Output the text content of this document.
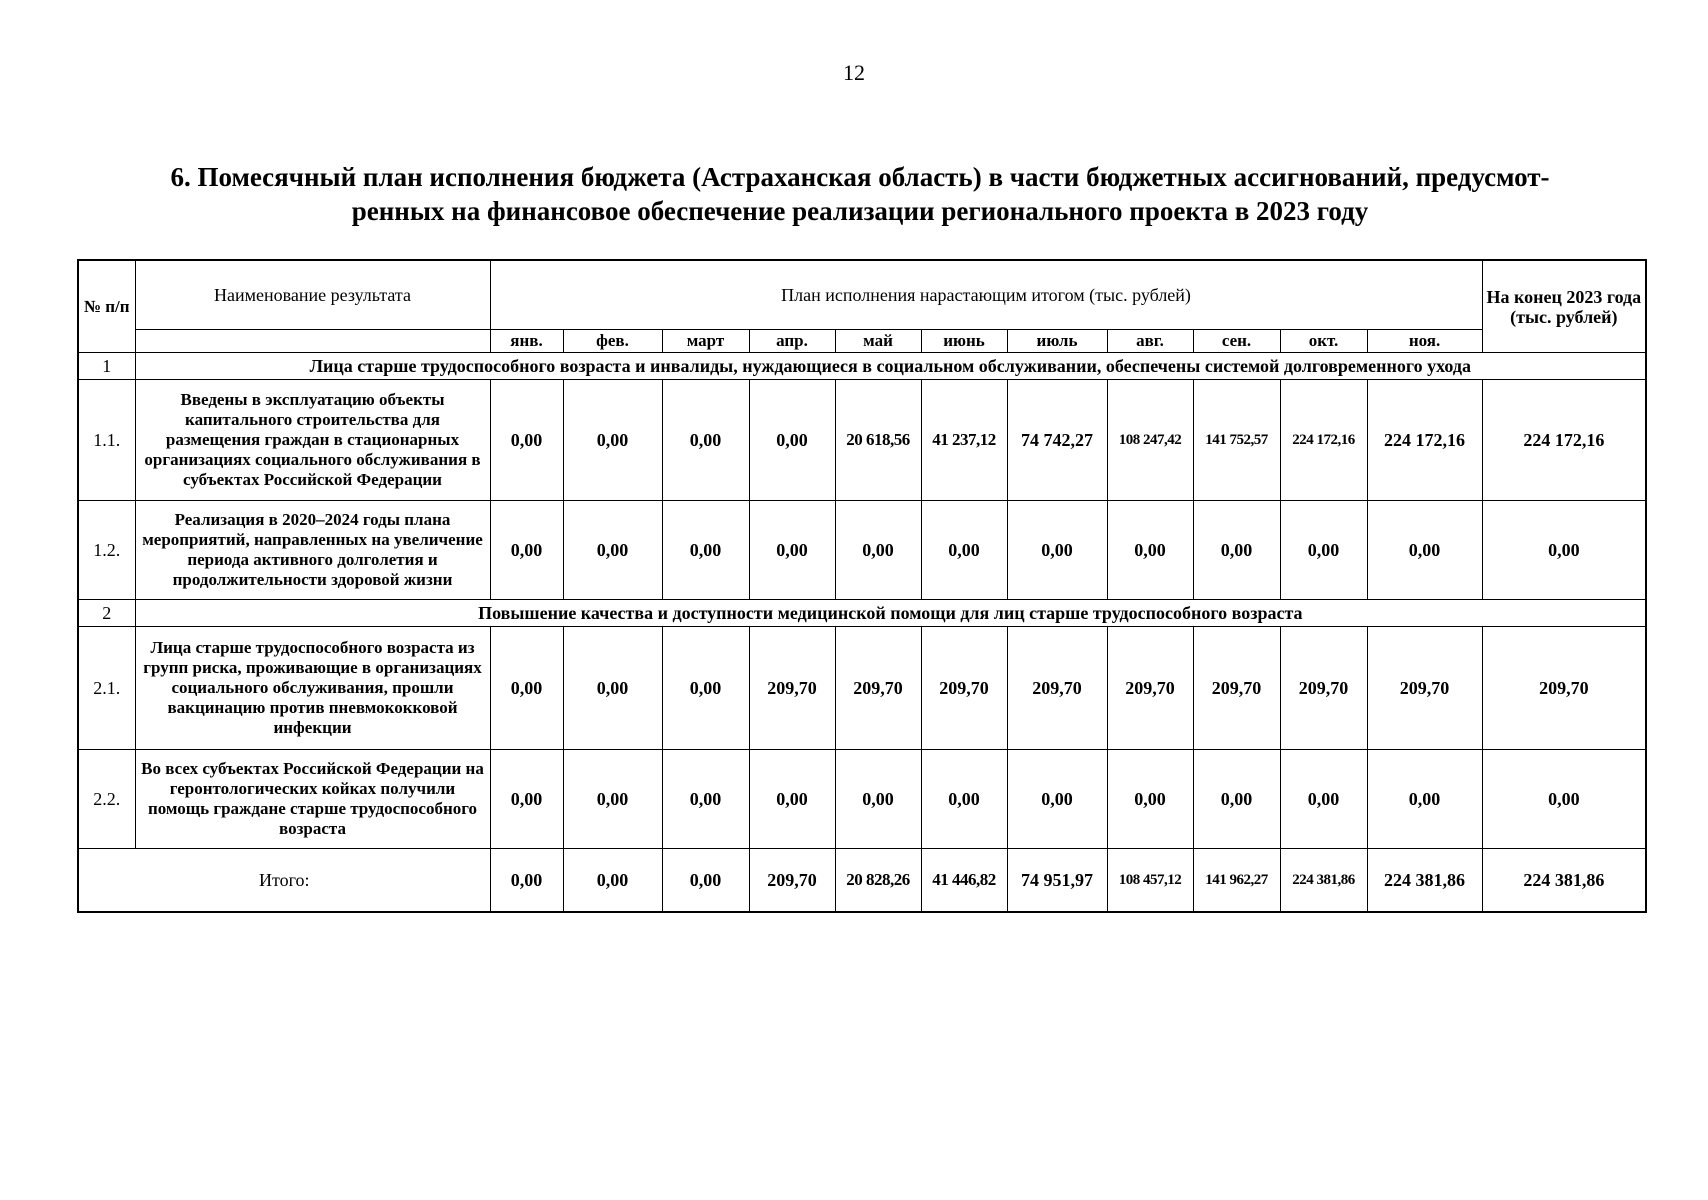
12
6. Помесячный план исполнения бюджета (Астраханская область) в части бюджетных ассигнований, предусмот-
ренных на финансовое обеспечение реализации регионального проекта в 2023 году
№ п/п	Наименование результата	План исполнения нарастающим итогом (тыс. рублей)											На конец 2023 года (тыс. рублей)
		янв.	фев.	март	апр.	май	июнь	июль	авг.	сен.	окт.	ноя.	
1	Лица старше трудоспособного возраста и инвалиды, нуждающиеся в социальном обслуживании, обеспечены системой долговременного ухода												
1.1.	Введены в эксплуатацию объекты капитального строительства для размещения граждан в стационарных организациях социального обслуживания в субъектах Российской Федерации	0,00	0,00	0,00	0,00	20 618,56	41 237,12	74 742,27	108 247,42	141 752,57	224 172,16	224 172,16	224 172,16
1.2.	Реализация в 2020–2024 годы плана мероприятий, направленных на увеличение периода активного долголетия и продолжительности здоровой жизни	0,00	0,00	0,00	0,00	0,00	0,00	0,00	0,00	0,00	0,00	0,00	0,00
2	Повышение качества и доступности медицинской помощи для лиц старше трудоспособного возраста												
2.1.	Лица старше трудоспособного возраста из групп риска, проживающие в организациях социального обслуживания, прошли вакцинацию против пневмококковой инфекции	0,00	0,00	0,00	209,70	209,70	209,70	209,70	209,70	209,70	209,70	209,70	209,70
2.2.	Во всех субъектах Российской Федерации на геронтологических койках получили помощь граждане старше трудоспособного возраста	0,00	0,00	0,00	0,00	0,00	0,00	0,00	0,00	0,00	0,00	0,00	0,00
Итого:		0,00	0,00	0,00	209,70	20 828,26	41 446,82	74 951,97	108 457,12	141 962,27	224 381,86	224 381,86	224 381,86
